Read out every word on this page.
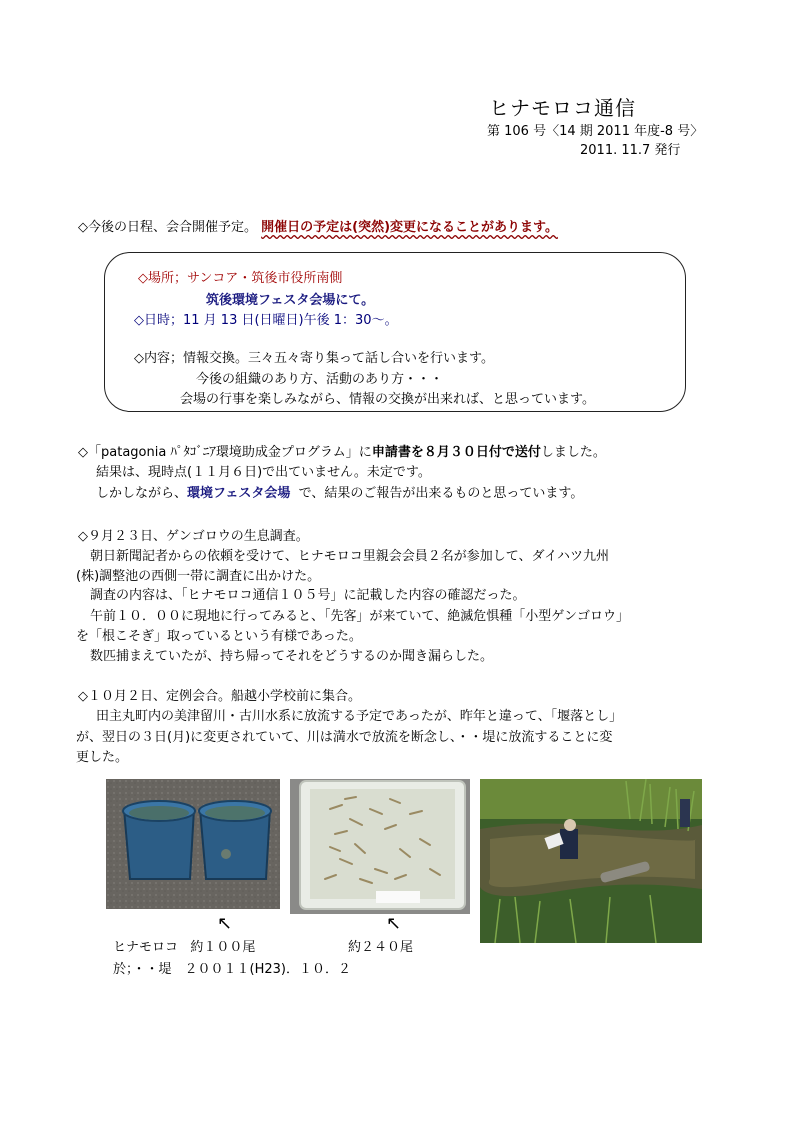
ヒナモロコ通信
第 106 号〈14 期 2011 年度-8 号〉
2011. 11.7 発行
◇今後の日程、会合開催予定。 開催日の予定は(突然)変更になることがあります。
◇場所；サンコア・筑後市役所南側
筑後環境フェスタ会場にて。
◇日時；11 月 13 日(日曜日)午後 1：30～。
◇内容；情報交換。三々五々寄り集って話し合いを行います。
今後の組織のあり方、活動のあり方・・・
会場の行事を楽しみながら、情報の交換が出来れば、と思っています。
◇「patagonia ﾊﾟﾀｺﾞﾆｱ環境助成金プログラム」に申請書を８月３０日付で送付しました。
結果は、現時点(１１月６日)で出ていません。未定です。
しかしながら、環境フェスタ会場 で、結果のご報告が出来るものと思っています。
◇９月２３日、ゲンゴロウの生息調査。
朝日新聞記者からの依頼を受けて、ヒナモロコ里親会会員２名が参加して、ダイハツ九州
(株)調整池の西側一帯に調査に出かけた。
調査の内容は、「ヒナモロコ通信１０５号」に記載した内容の確認だった。
午前１０．００に現地に行ってみると、「先客」が来ていて、絶滅危惧種「小型ゲンゴロウ」
を「根こそぎ」取っているという有様であった。
数匹捕まえていたが、持ち帰ってそれをどうするのか聞き漏らした。
◇１０月２日、定例会合。船越小学校前に集合。
田主丸町内の美津留川・古川水系に放流する予定であったが、昨年と違って、「堰落とし」
が、翌日の３日(月)に変更されていて、川は満水で放流を断念し、・・堤に放流することに変
更した。
↖	↖
ヒナモロコ 約１００尾	約２４０尾
於；・・堤　２００１１(H23)．１０．２
